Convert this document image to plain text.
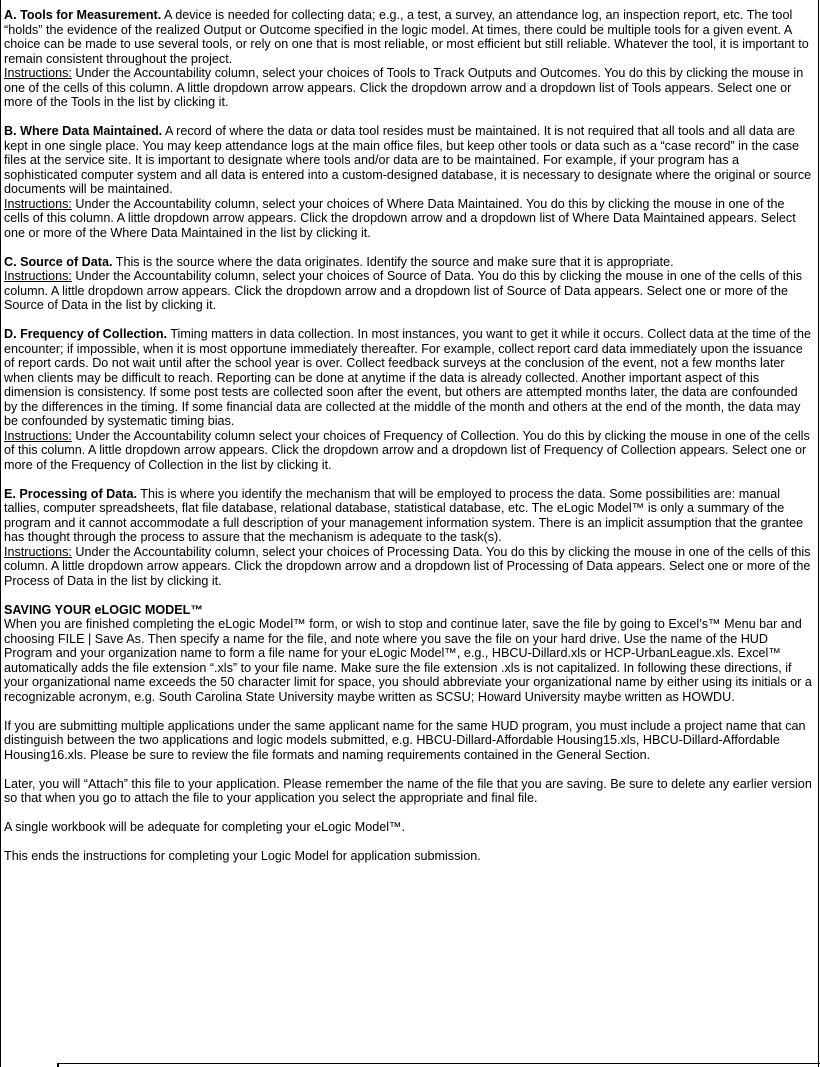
A. Tools for Measurement. A device is needed for collecting data; e.g., a test, a survey, an attendance log, an inspection report, etc. The tool “holds” the evidence of the realized Output or Outcome specified in the logic model. At times, there could be multiple tools for a given event. A choice can be made to use several tools, or rely on one that is most reliable, or most efficient but still reliable. Whatever the tool, it is important to remain consistent throughout the project.
Instructions: Under the Accountability column, select your choices of Tools to Track Outputs and Outcomes. You do this by clicking the mouse in one of the cells of this column. A little dropdown arrow appears. Click the dropdown arrow and a dropdown list of Tools appears. Select one or more of the Tools in the list by clicking it.
B. Where Data Maintained. A record of where the data or data tool resides must be maintained. It is not required that all tools and all data are kept in one single place. You may keep attendance logs at the main office files, but keep other tools or data such as a “case record” in the case files at the service site. It is important to designate where tools and/or data are to be maintained. For example, if your program has a sophisticated computer system and all data is entered into a custom-designed database, it is necessary to designate where the original or source documents will be maintained.
Instructions: Under the Accountability column, select your choices of Where Data Maintained. You do this by clicking the mouse in one of the cells of this column. A little dropdown arrow appears. Click the dropdown arrow and a dropdown list of Where Data Maintained appears. Select one or more of the Where Data Maintained in the list by clicking it.
C. Source of Data. This is the source where the data originates. Identify the source and make sure that it is appropriate.
Instructions: Under the Accountability column, select your choices of Source of Data. You do this by clicking the mouse in one of the cells of this column. A little dropdown arrow appears. Click the dropdown arrow and a dropdown list of Source of Data appears. Select one or more of the Source of Data in the list by clicking it.
D. Frequency of Collection. Timing matters in data collection. In most instances, you want to get it while it occurs. Collect data at the time of the encounter; if impossible, when it is most opportune immediately thereafter. For example, collect report card data immediately upon the issuance of report cards. Do not wait until after the school year is over. Collect feedback surveys at the conclusion of the event, not a few months later when clients may be difficult to reach. Reporting can be done at anytime if the data is already collected. Another important aspect of this dimension is consistency. If some post tests are collected soon after the event, but others are attempted months later, the data are confounded by the differences in the timing. If some financial data are collected at the middle of the month and others at the end of the month, the data may be confounded by systematic timing bias.
Instructions: Under the Accountability column select your choices of Frequency of Collection. You do this by clicking the mouse in one of the cells of this column. A little dropdown arrow appears. Click the dropdown arrow and a dropdown list of Frequency of Collection appears. Select one or more of the Frequency of Collection in the list by clicking it.
E. Processing of Data. This is where you identify the mechanism that will be employed to process the data. Some possibilities are: manual tallies, computer spreadsheets, flat file database, relational database, statistical database, etc. The eLogic Model™ is only a summary of the program and it cannot accommodate a full description of your management information system. There is an implicit assumption that the grantee has thought through the process to assure that the mechanism is adequate to the task(s).
Instructions: Under the Accountability column, select your choices of Processing Data. You do this by clicking the mouse in one of the cells of this column. A little dropdown arrow appears. Click the dropdown arrow and a dropdown list of Processing of Data appears. Select one or more of the Process of Data in the list by clicking it.
SAVING YOUR eLOGIC MODEL™
When you are finished completing the eLogic Model™ form, or wish to stop and continue later, save the file by going to Excel’s™ Menu bar and choosing FILE | Save As. Then specify a name for the file, and note where you save the file on your hard drive. Use the name of the HUD Program and your organization name to form a file name for your eLogic Model™, e.g., HBCU-Dillard.xls or HCP-UrbanLeague.xls. Excel™ automatically adds the file extension “.xls” to your file name. Make sure the file extension .xls is not capitalized. In following these directions, if your organizational name exceeds the 50 character limit for space, you should abbreviate your organizational name by either using its initials or a recognizable acronym, e.g. South Carolina State University maybe written as SCSU; Howard University maybe written as HOWDU.
If you are submitting multiple applications under the same applicant name for the same HUD program, you must include a project name that can distinguish between the two applications and logic models submitted, e.g. HBCU-Dillard-Affordable Housing15.xls, HBCU-Dillard-Affordable Housing16.xls. Please be sure to review the file formats and naming requirements contained in the General Section.
Later, you will “Attach” this file to your application. Please remember the name of the file that you are saving. Be sure to delete any earlier version so that when you go to attach the file to your application you select the appropriate and final file.
A single workbook will be adequate for completing your eLogic Model™.
This ends the instructions for completing your Logic Model for application submission.
